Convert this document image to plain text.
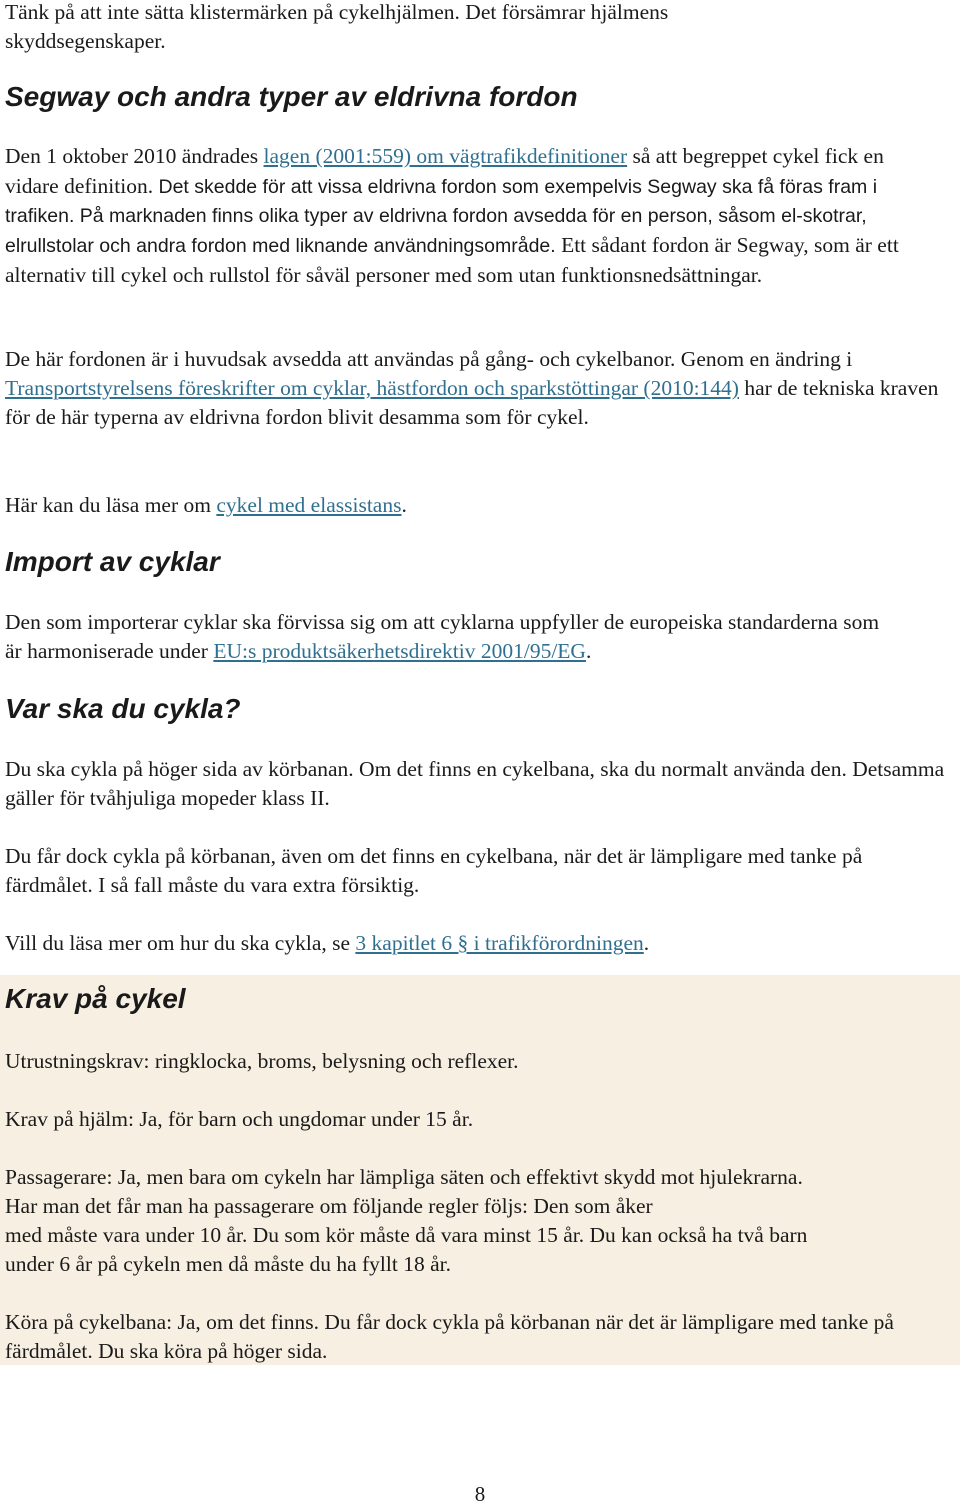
Tänk på att inte sätta klistermärken på cykelhjälmen. Det försämrar hjälmens
skyddsegenskaper.

Segway och andra typer av eldrivna fordon

Den 1 oktober 2010 ändrades lagen (2001:559) om vägtrafikdefinitioner så att begreppet cykel fick en vidare definition. Det skedde för att vissa eldrivna fordon som exempelvis Segway ska få föras fram i trafiken. På marknaden finns olika typer av eldrivna fordon avsedda för en person, såsom el-skotrar, elrullstolar och andra fordon med liknande användningsområde. Ett sådant fordon är Segway, som är ett alternativ till cykel och rullstol för såväl personer med som utan funktionsnedsättningar.

De här fordonen är i huvudsak avsedda att användas på gång- och cykelbanor. Genom en ändring i Transportstyrelsens föreskrifter om cyklar, hästfordon och sparkstöttingar (2010:144) har de tekniska kraven för de här typerna av eldrivna fordon blivit desamma som för cykel.

Här kan du läsa mer om cykel med elassistans.

Import av cyklar

Den som importerar cyklar ska förvissa sig om att cyklarna uppfyller de europeiska standarderna som är harmoniserade under EU:s produktsäkerhetsdirektiv 2001/95/EG.

Var ska du cykla?

Du ska cykla på höger sida av körbanan. Om det finns en cykelbana, ska du normalt använda den. Detsamma gäller för tvåhjuliga mopeder klass II.

Du får dock cykla på körbanan, även om det finns en cykelbana, när det är lämpligare med tanke på färdmålet. I så fall måste du vara extra försiktig.

Vill du läsa mer om hur du ska cykla, se 3 kapitlet 6 § i trafikförordningen.

Krav på cykel

Utrustningskrav: ringklocka, broms, belysning och reflexer.

Krav på hjälm: Ja, för barn och ungdomar under 15 år.

Passagerare: Ja, men bara om cykeln har lämpliga säten och effektivt skydd mot hjulekrarna.
Har man det får man ha passagerare om följande regler följs: Den som åker
med måste vara under 10 år. Du som kör måste då vara minst 15 år. Du kan också ha två barn
under 6 år på cykeln men då måste du ha fyllt 18 år.

Köra på cykelbana: Ja, om det finns. Du får dock cykla på körbanan när det är lämpligare med tanke på färdmålet. Du ska köra på höger sida.

8
